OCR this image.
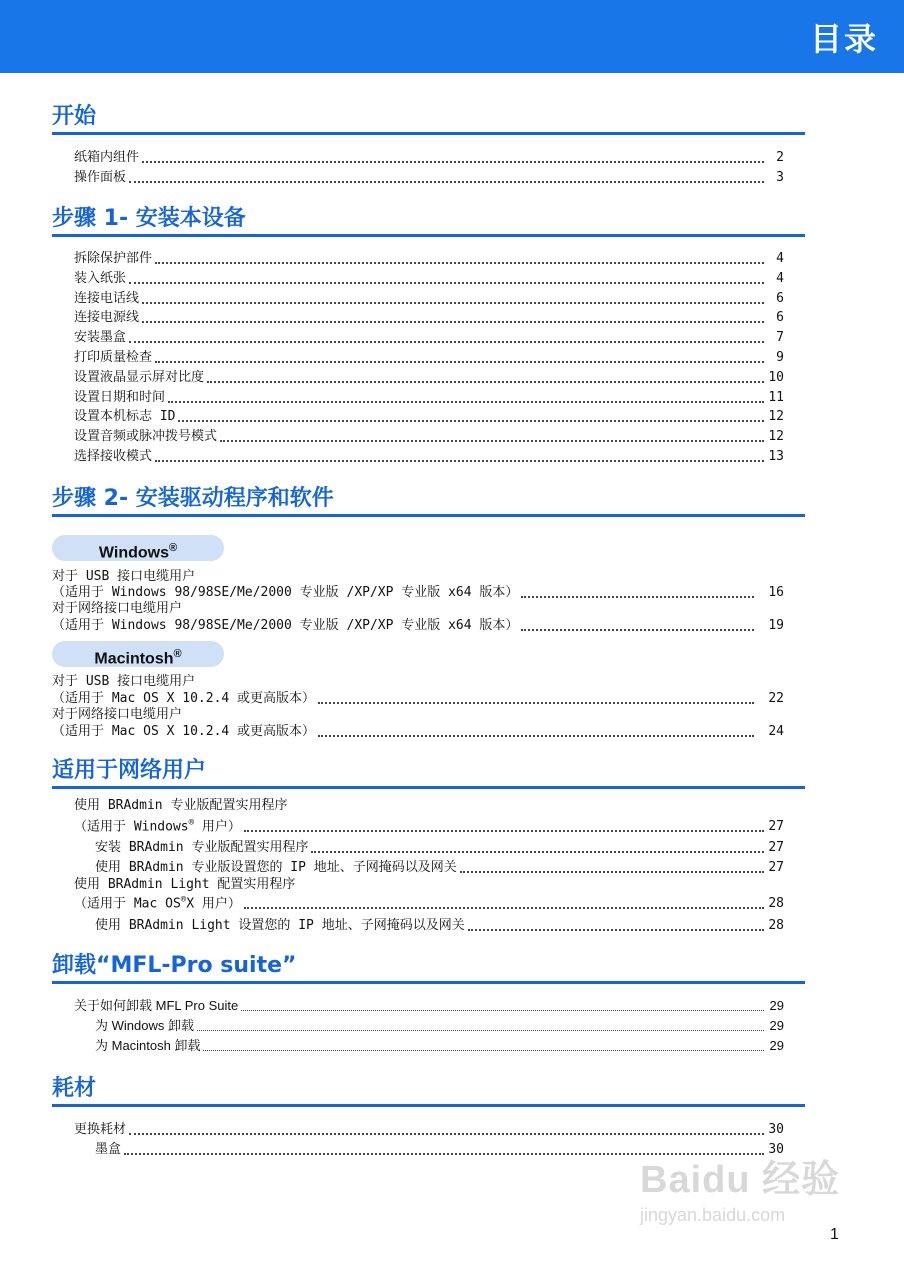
目录
开始
纸箱内组件	2
操作面板	3
步骤 1- 安装本设备
拆除保护部件	4
装入纸张	4
连接电话线	6
连接电源线	6
安装墨盒	7
打印质量检查	9
设置液晶显示屏对比度	10
设置日期和时间	11
设置本机标志 ID	12
设置音频或脉冲拨号模式	12
选择接收模式	13
步骤 2- 安装驱动程序和软件
Windows®
对于 USB 接口电缆用户
（适用于 Windows 98/98SE/Me/2000 专业版 /XP/XP 专业版 x64 版本）	16
对于网络接口电缆用户
（适用于 Windows 98/98SE/Me/2000 专业版 /XP/XP 专业版 x64 版本）	19
Macintosh®
对于 USB 接口电缆用户
（适用于 Mac OS X 10.2.4 或更高版本）	22
对于网络接口电缆用户
（适用于 Mac OS X 10.2.4 或更高版本）	24
适用于网络用户
使用 BRAdmin 专业版配置实用程序
（适用于 Windows® 用户）	27
安装 BRAdmin 专业版配置实用程序	27
使用 BRAdmin 专业版设置您的 IP 地址、子网掩码以及网关	27
使用 BRAdmin Light 配置实用程序
（适用于 Mac OS®X 用户）	28
使用 BRAdmin Light 设置您的 IP 地址、子网掩码以及网关	28
卸载“MFL-Pro suite”
关于如何卸载 MFL Pro Suite	29
为 Windows 卸载	29
为 Macintosh 卸载	29
耗材
更换耗材	30
墨盒	30
Baidu 经验
jingyan.baidu.com
1
